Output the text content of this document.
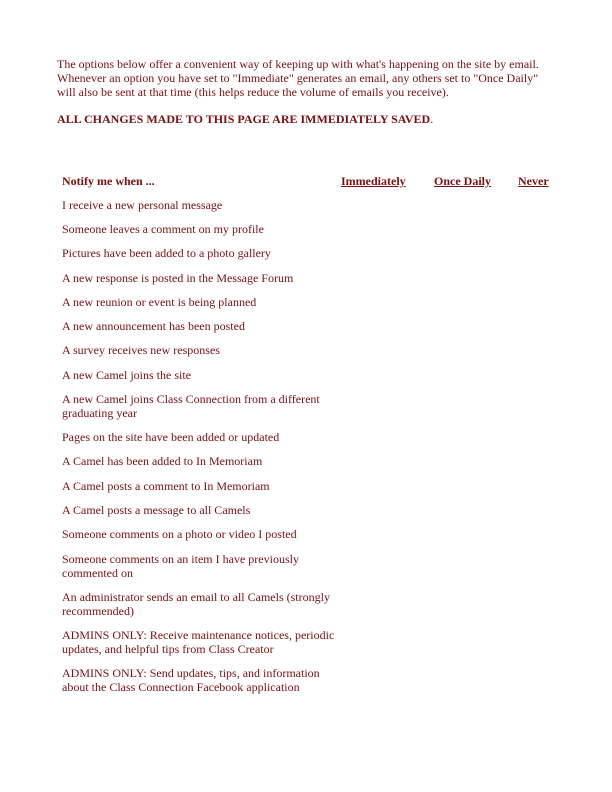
The options below offer a convenient way of keeping up with what's happening on the site by email. Whenever an option you have set to "Immediate" generates an email, any others set to "Once Daily" will also be sent at that time (this helps reduce the volume of emails you receive).
ALL CHANGES MADE TO THIS PAGE ARE IMMEDIATELY SAVED.
Notify me when ...	Immediately Once Daily Never
I receive a new personal message
Someone leaves a comment on my profile
Pictures have been added to a photo gallery
A new response is posted in the Message Forum
A new reunion or event is being planned
A new announcement has been posted
A survey receives new responses
A new Camel joins the site
A new Camel joins Class Connection from a different graduating year
Pages on the site have been added or updated
A Camel has been added to In Memoriam
A Camel posts a comment to In Memoriam
A Camel posts a message to all Camels
Someone comments on a photo or video I posted
Someone comments on an item I have previously commented on
An administrator sends an email to all Camels (strongly recommended)
ADMINS ONLY: Receive maintenance notices, periodic updates, and helpful tips from Class Creator
ADMINS ONLY: Send updates, tips, and information about the Class Connection Facebook application
